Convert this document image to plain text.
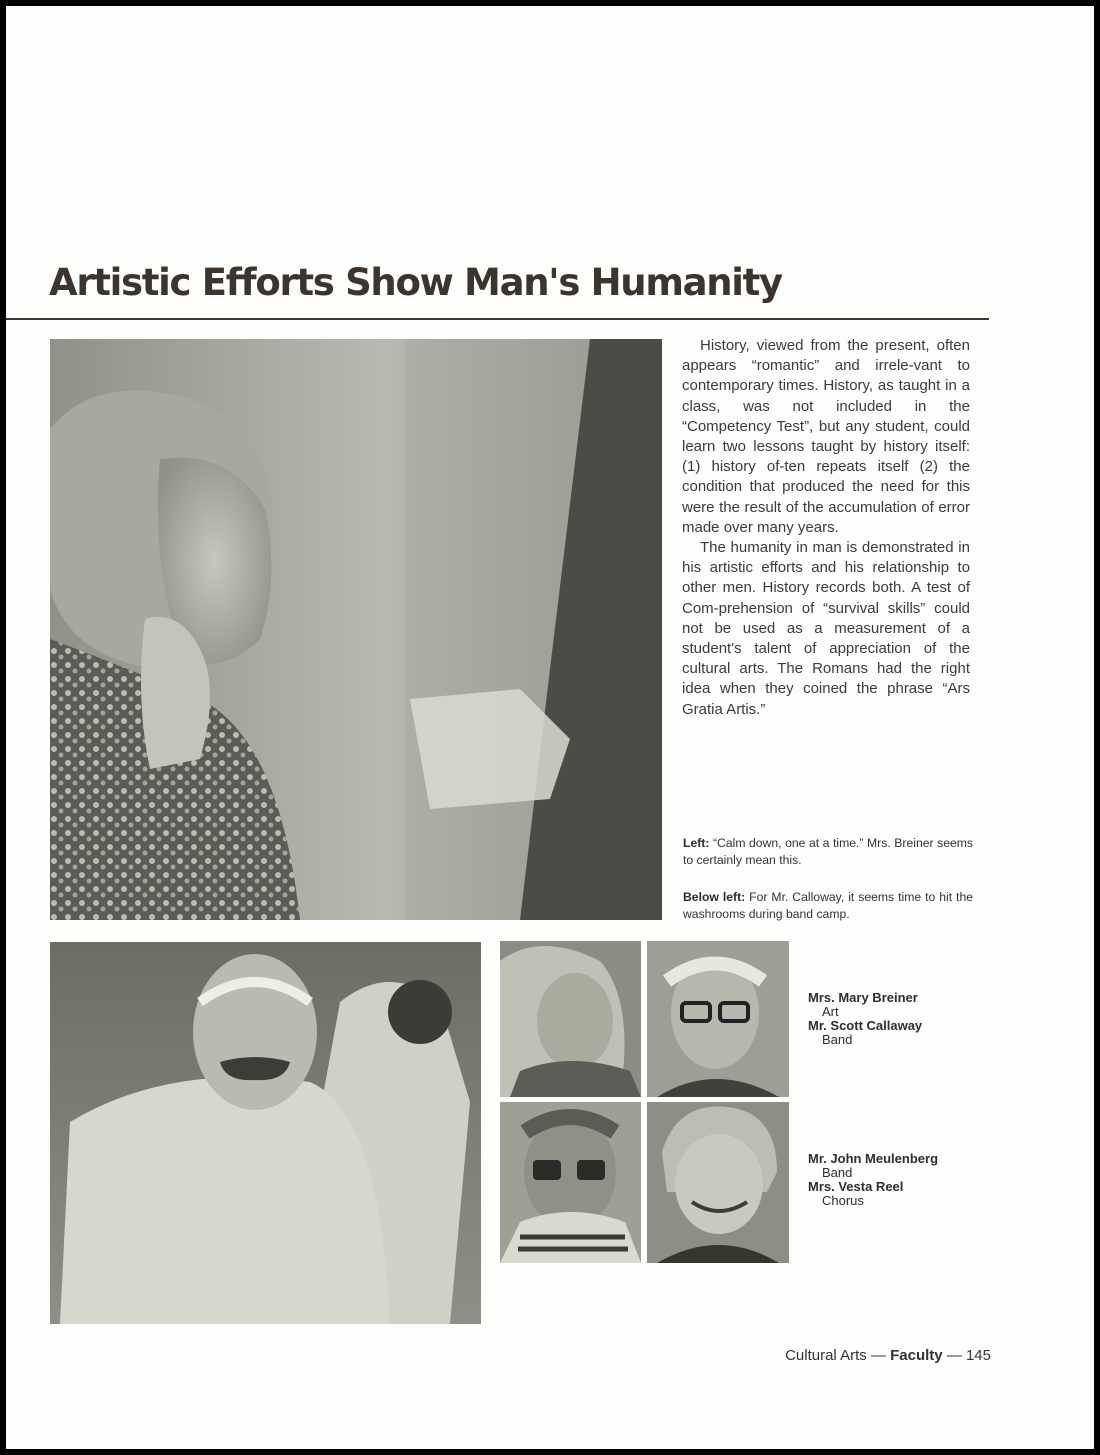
Artistic Efforts Show Man's Humanity

History, viewed from the present, often appears “romantic” and irrele-vant to contemporary times. History, as taught in a class, was not included in the “Competency Test”, but any student, could learn two lessons taught by history itself: (1) history of-ten repeats itself (2) the condition that produced the need for this were the result of the accumulation of error made over many years.

The humanity in man is demonstrated in his artistic efforts and his relationship to other men. History records both. A test of Com-prehension of “survival skills” could not be used as a measurement of a student's talent of appreciation of the cultural arts. The Romans had the right idea when they coined the phrase “Ars Gratia Artis.”

Left: “Calm down, one at a time.” Mrs. Breiner seems to certainly mean this.
Below left: For Mr. Calloway, it seems time to hit the washrooms during band camp.
Mrs. Mary Breiner
Art
Mr. Scott Callaway
Band
Mr. John Meulenberg
Band
Mrs. Vesta Reel
Chorus
Cultural Arts — Faculty — 145
